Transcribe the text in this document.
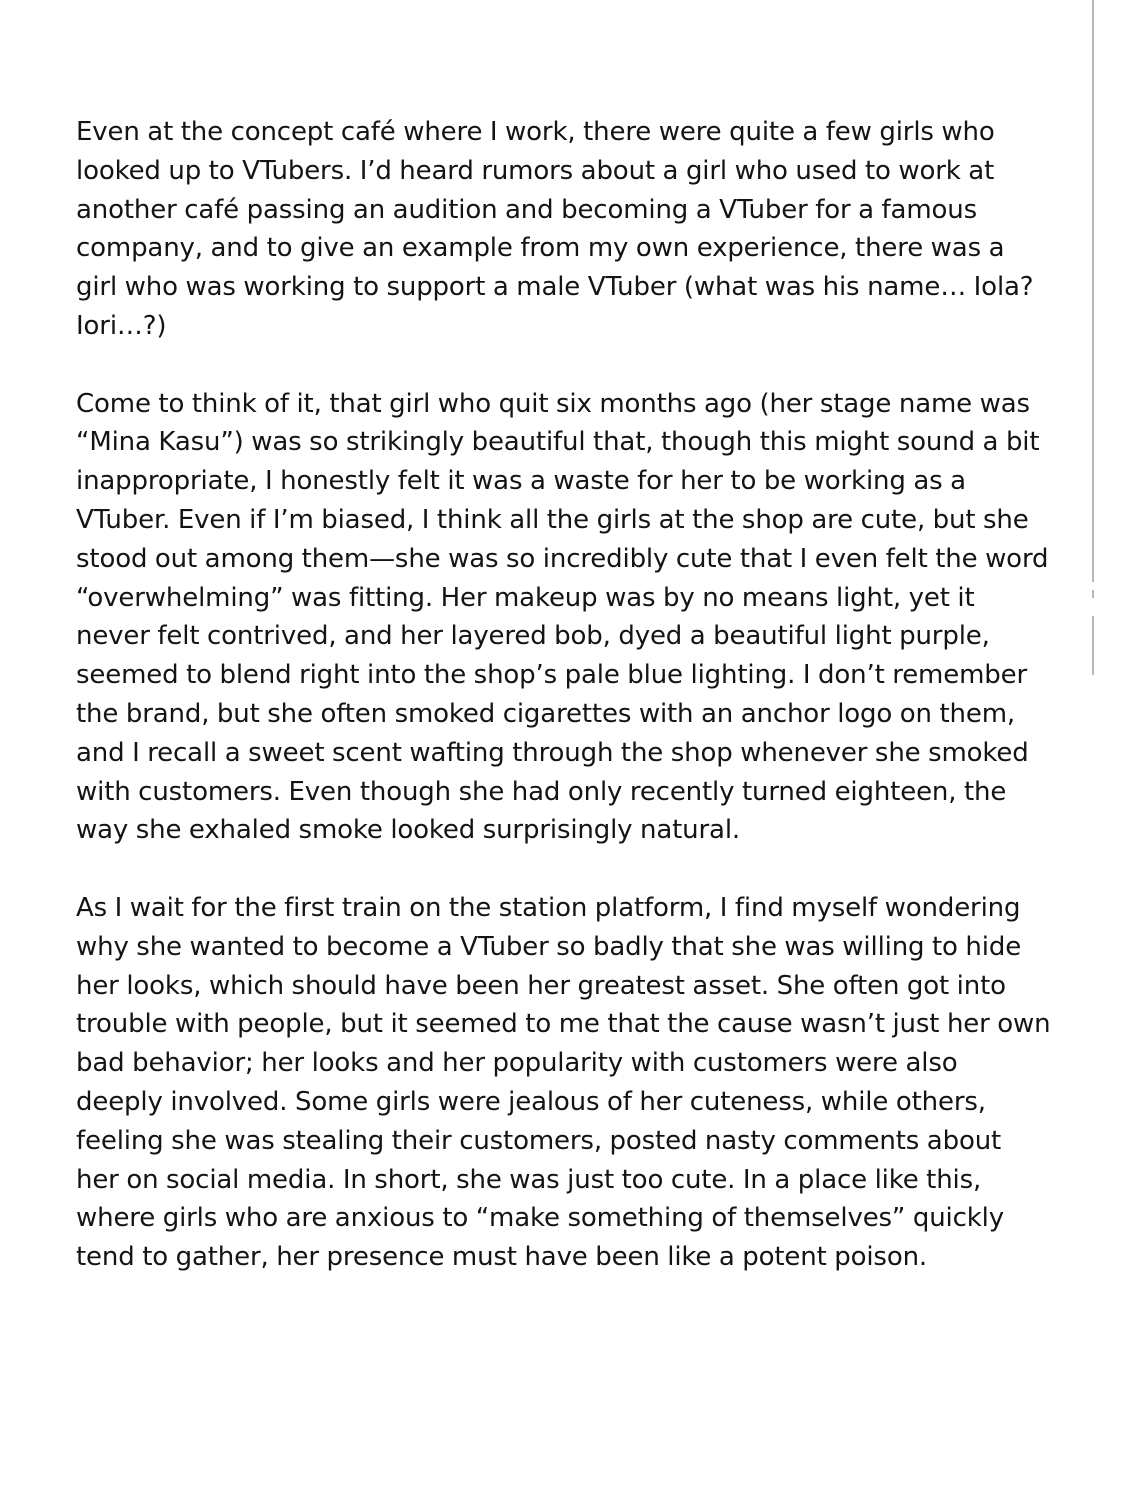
Even at the concept café where I work, there were quite a few girls who looked up to VTubers. I’d heard rumors about a girl who used to work at another café passing an audition and becoming a VTuber for a famous company, and to give an example from my own experience, there was a girl who was working to support a male VTuber (what was his name… Iola? Iori…?)

Come to think of it, that girl who quit six months ago (her stage name was “Mina Kasu”) was so strikingly beautiful that, though this might sound a bit inappropriate, I honestly felt it was a waste for her to be working as a VTuber. Even if I’m biased, I think all the girls at the shop are cute, but she stood out among them—she was so incredibly cute that I even felt the word “overwhelming” was fitting. Her makeup was by no means light, yet it never felt contrived, and her layered bob, dyed a beautiful light purple, seemed to blend right into the shop’s pale blue lighting. I don’t remember the brand, but she often smoked cigarettes with an anchor logo on them, and I recall a sweet scent wafting through the shop whenever she smoked with customers. Even though she had only recently turned eighteen, the way she exhaled smoke looked surprisingly natural.

As I wait for the first train on the station platform, I find myself wondering why she wanted to become a VTuber so badly that she was willing to hide her looks, which should have been her greatest asset. She often got into trouble with people, but it seemed to me that the cause wasn’t just her own bad behavior; her looks and her popularity with customers were also deeply involved. Some girls were jealous of her cuteness, while others, feeling she was stealing their customers, posted nasty comments about her on social media. In short, she was just too cute. In a place like this, where girls who are anxious to “make something of themselves” quickly tend to gather, her presence must have been like a potent poison.
